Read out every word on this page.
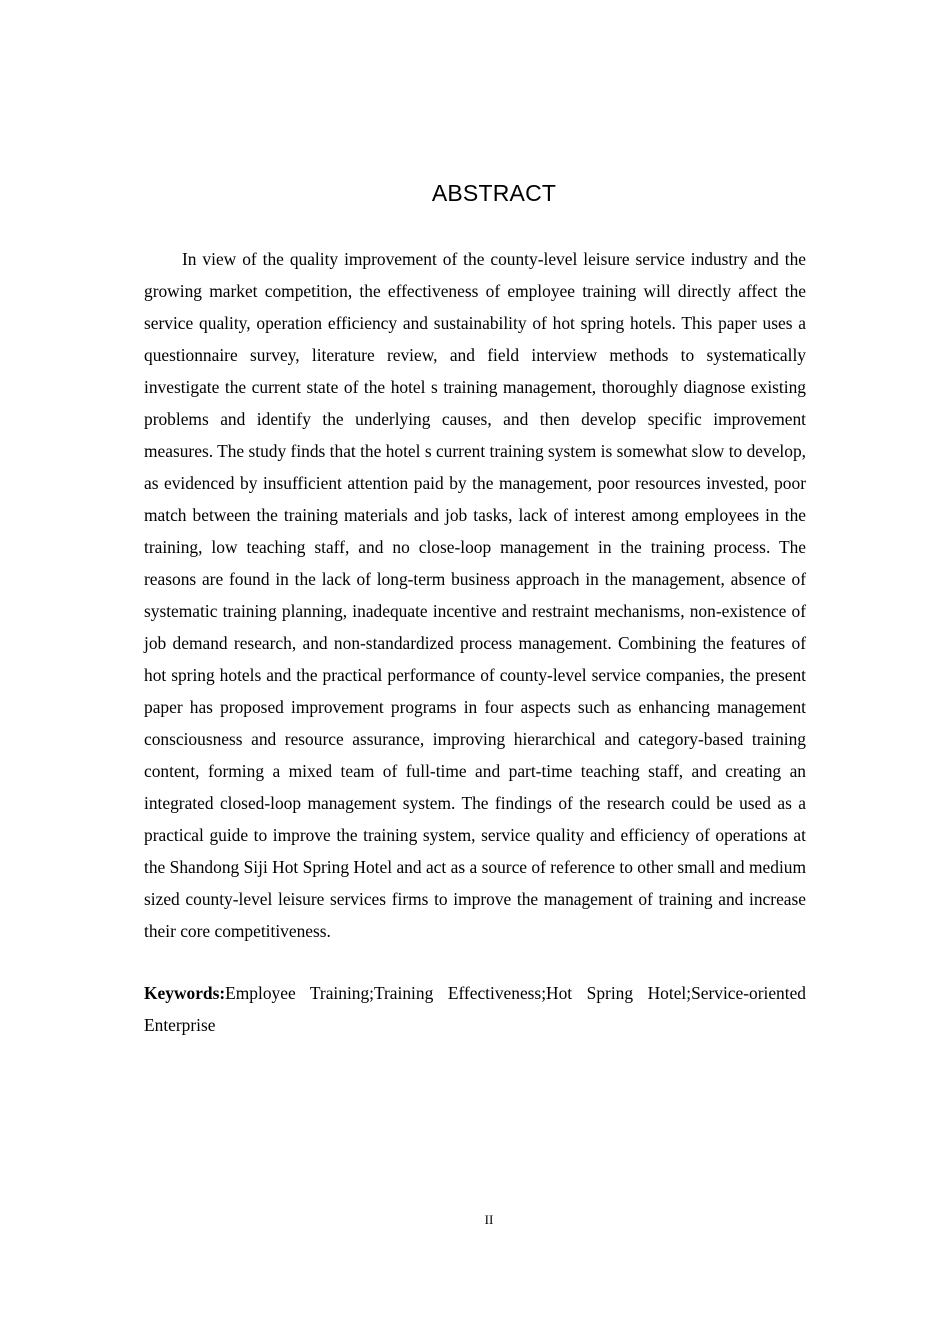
ABSTRACT

In view of the quality improvement of the county-level leisure service industry and the growing market competition, the effectiveness of employee training will directly affect the service quality, operation efficiency and sustainability of hot spring hotels. This paper uses a questionnaire survey, literature review, and field interview methods to systematically investigate the current state of the hotel s training management, thoroughly diagnose existing problems and identify the underlying causes, and then develop specific improvement measures. The study finds that the hotel s current training system is somewhat slow to develop, as evidenced by insufficient attention paid by the management, poor resources invested, poor match between the training materials and job tasks, lack of interest among employees in the training, low teaching staff, and no close-loop management in the training process. The reasons are found in the lack of long-term business approach in the management, absence of systematic training planning, inadequate incentive and restraint mechanisms, non-existence of job demand research, and non-standardized process management. Combining the features of hot spring hotels and the practical performance of county-level service companies, the present paper has proposed improvement programs in four aspects such as enhancing management consciousness and resource assurance, improving hierarchical and category-based training content, forming a mixed team of full-time and part-time teaching staff, and creating an integrated closed-loop management system. The findings of the research could be used as a practical guide to improve the training system, service quality and efficiency of operations at the Shandong Siji Hot Spring Hotel and act as a source of reference to other small and medium sized county-level leisure services firms to improve the management of training and increase their core competitiveness.

Keywords:Employee Training;Training Effectiveness;Hot Spring Hotel;Service-oriented Enterprise

II
